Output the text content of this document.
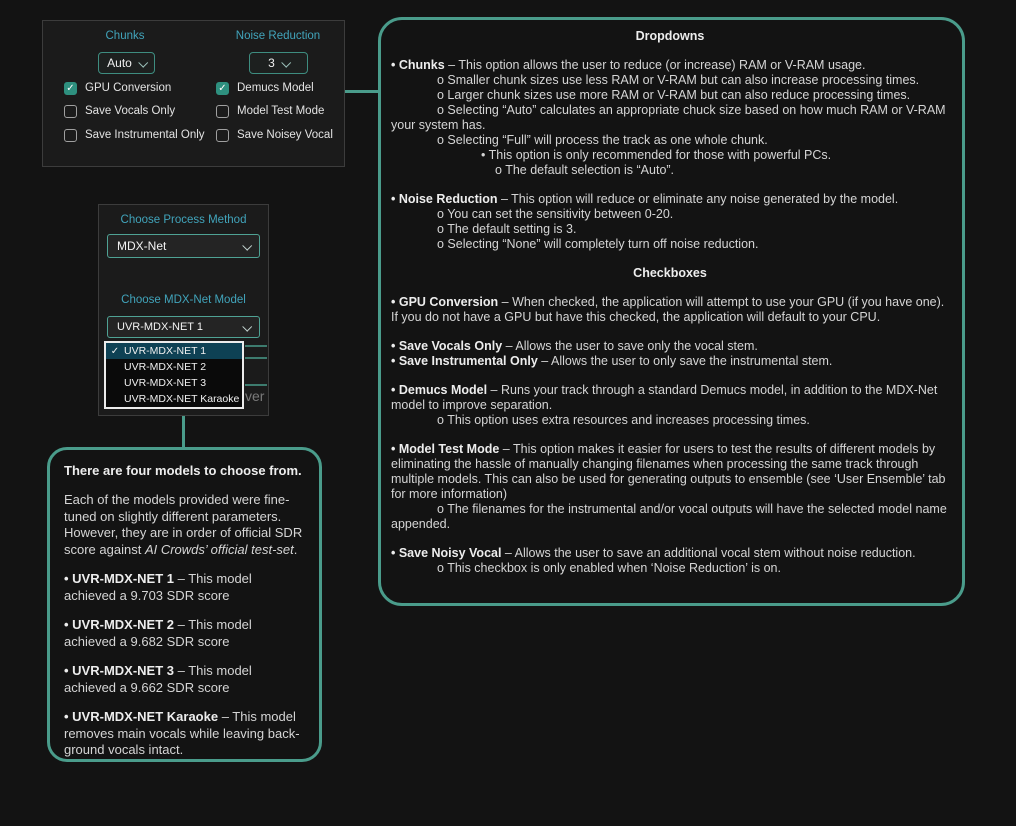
Chunks	Noise Reduction
Auto	3
✓ GPU Conversion	✓ Demucs Model
Save Vocals Only	Model Test Mode
Save Instrumental Only	Save Noisey Vocal
Choose Process Method
MDX-Net
Choose MDX-Net Model
UVR-MDX-NET 1
ver
✓ UVR-MDX-NET 1
UVR-MDX-NET 2
UVR-MDX-NET 3
UVR-MDX-NET Karaoke

There are four models to choose from.

Each of the models provided were fine-tuned on slightly different parameters. However, they are in order of official SDR score against AI Crowds’ official test-set.

• UVR-MDX-NET 1 – This model achieved a 9.703 SDR score

• UVR-MDX-NET 2 – This model achieved a 9.682 SDR score

• UVR-MDX-NET 3 – This model achieved a 9.662 SDR score

• UVR-MDX-NET Karaoke – This model removes main vocals while leaving back-ground vocals intact.

Dropdowns

• Chunks – This option allows the user to reduce (or increase) RAM or V-RAM usage.

o Smaller chunk sizes use less RAM or V-RAM but can also increase processing times.

o Larger chunk sizes use more RAM or V-RAM but can also reduce processing times.

o Selecting “Auto” calculates an appropriate chuck size based on how much RAM or V-RAM your system has.

o Selecting “Full” will process the track as one whole chunk.

• This option is only recommended for those with powerful PCs.

o The default selection is “Auto”.

• Noise Reduction – This option will reduce or eliminate any noise generated by the model.

o You can set the sensitivity between 0-20.

o The default setting is 3.

o Selecting “None” will completely turn off noise reduction.

Checkboxes

• GPU Conversion – When checked, the application will attempt to use your GPU (if you have one). If you do not have a GPU but have this checked, the application will default to your CPU.

• Save Vocals Only – Allows the user to save only the vocal stem.

• Save Instrumental Only – Allows the user to only save the instrumental stem.

• Demucs Model – Runs your track through a standard Demucs model, in addition to the MDX-Net model to improve separation.

o This option uses extra resources and increases processing times.

• Model Test Mode – This option makes it easier for users to test the results of different models by eliminating the hassle of manually changing filenames when processing the same track through multiple models. This can also be used for generating outputs to ensemble (see ‘User Ensemble’ tab for more information)

o The filenames for the instrumental and/or vocal outputs will have the selected model name appended.

• Save Noisy Vocal – Allows the user to save an additional vocal stem without noise reduction.

o This checkbox is only enabled when ‘Noise Reduction’ is on.
